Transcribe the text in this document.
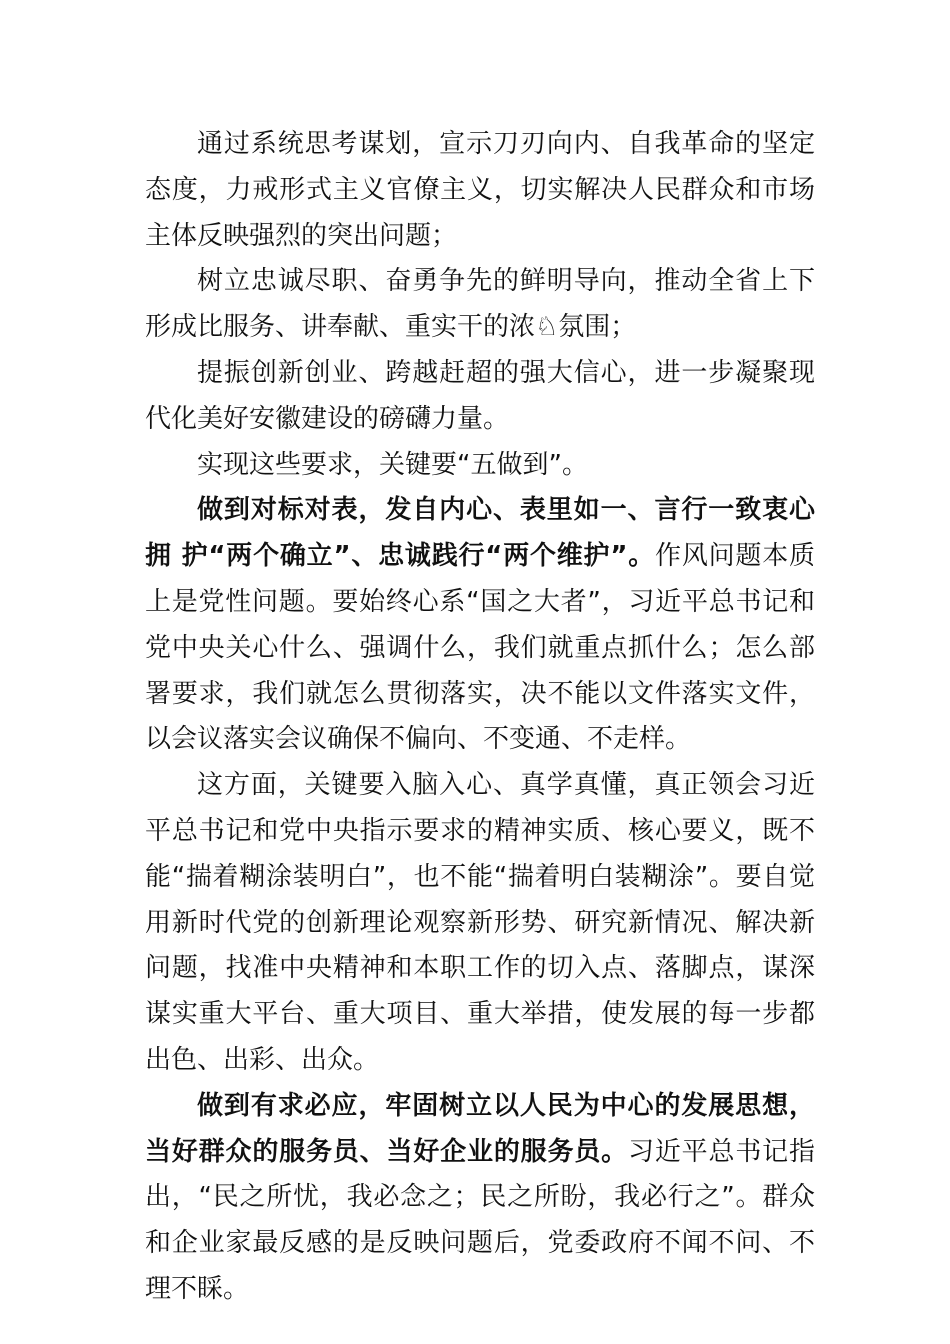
通过系统思考谋划，宣示刀刃向内、自我革命的坚定态度，力戒形式主义官僚主义，切实解决人民群众和市场主体反映强烈的突出问题；

树立忠诚尽职、奋勇争先的鲜明导向，推动全省上下形成比服务、讲奉献、重实干的浓♘氛围；

提振创新创业、跨越赶超的强大信心，进一步凝聚现代化美好安徽建设的磅礴力量。

实现这些要求，关键要“五做到”。

做到对标对表，发自内心、表里如一、言行一致衷心拥 护“两个确立”、忠诚践行“两个维护”。作风问题本质上是党性问题。要始终心系“国之大者”，习近平总书记和党中央关心什么、强调什么，我们就重点抓什么；怎么部署要求，我们就怎么贯彻落实，决不能以文件落实文件，以会议落实会议确保不偏向、不变通、不走样。

这方面，关键要入脑入心、真学真懂，真正领会习近平总书记和党中央指示要求的精神实质、核心要义，既不能“揣着糊涂装明白”，也不能“揣着明白装糊涂”。要自觉用新时代党的创新理论观察新形势、研究新情况、解决新问题，找准中央精神和本职工作的切入点、落脚点，谋深谋实重大平台、重大项目、重大举措，使发展的每一步都出色、出彩、出众。

做到有求必应，牢固树立以人民为中心的发展思想，当好群众的服务员、当好企业的服务员。习近平总书记指出，“民之所忧，我必念之；民之所盼，我必行之”。群众和企业家最反感的是反映问题后，党委政府不闻不问、不理不睬。
